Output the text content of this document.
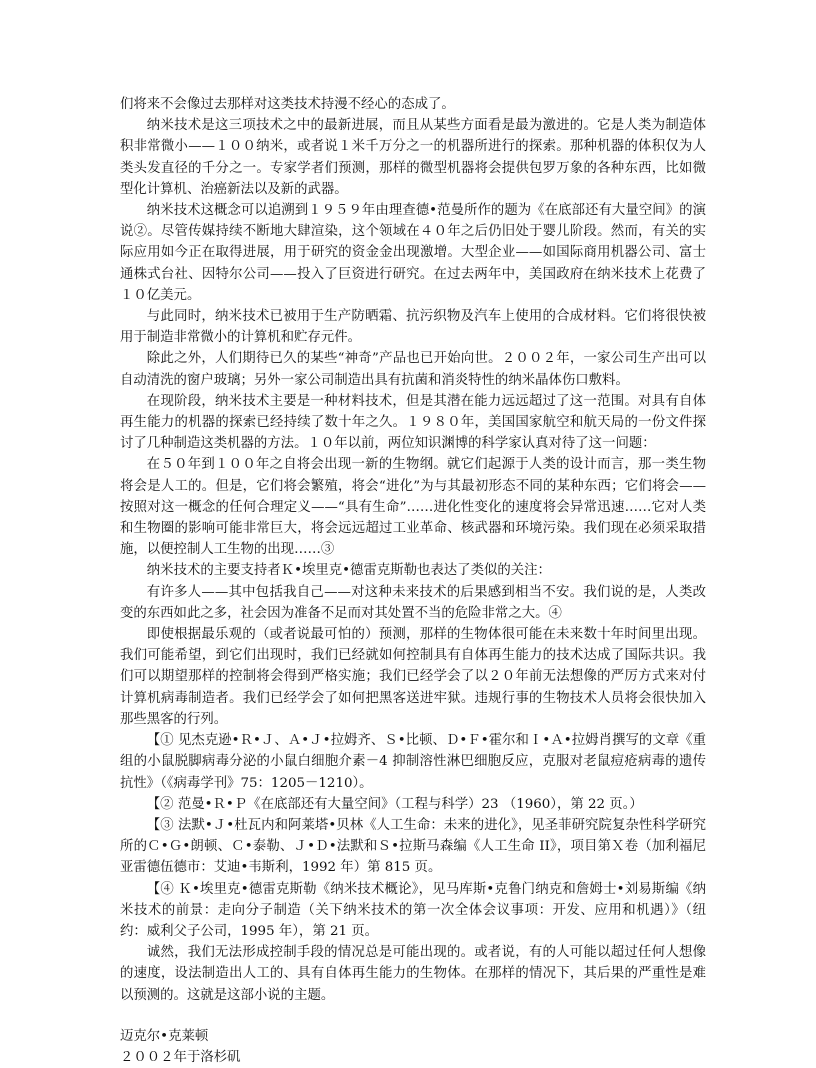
们将来不会像过去那样对这类技术持漫不经心的态成了。

纳米技术是这三项技术之中的最新进展，而且从某些方面看是最为激进的。它是人类为制造体积非常微小——１００纳米，或者说１米千万分之一的机器所进行的探索。那种机器的体积仅为人类头发直径的千分之一。专家学者们预测，那样的微型机器将会提供包罗万象的各种东西，比如微型化计算机、治癌新法以及新的武器。

纳米技术这概念可以追溯到１９５９年由理查德•范曼所作的题为《在底部还有大量空间》的演说②。尽管传媒持续不断地大肆渲染，这个领域在４０年之后仍旧处于婴儿阶段。然而，有关的实际应用如今正在取得进展，用于研究的资金金出现激增。大型企业——如国际商用机器公司、富士通株式台社、因特尔公司——投入了巨资进行研究。在过去两年中，美国政府在纳米技术上花费了１０亿美元。

与此同时，纳米技术已被用于生产防晒霜、抗污织物及汽车上使用的合成材料。它们将很快被用于制造非常微小的计算机和贮存元件。

除此之外，人们期待已久的某些“神奇”产品也已开始向世。２００２年，一家公司生产出可以自动清洗的窗户玻璃；另外一家公司制造出具有抗菌和消炎特性的纳米晶体伤口敷料。

在现阶段，纳米技术主要是一种材料技术，但是其潜在能力远远超过了这一范围。对具有自体再生能力的机器的探索已经持续了数十年之久。１９８０年，美国国家航空和航天局的一份文件探讨了几种制造这类机器的方法。１０年以前，两位知识渊博的科学家认真对待了这一问题：

在５０年到１００年之自将会出现一新的生物纲。就它们起源于人类的设计而言，那一类生物将会是人工的。但是，它们将会繁殖，将会“进化”为与其最初形态不同的某种东西；它们将会——按照对这一概念的任何合理定义——“具有生命”……进化性变化的速度将会异常迅速……它对人类和生物圈的影响可能非常巨大，将会远远超过工业革命、核武器和环境污染。我们现在必须采取措施，以便控制人工生物的出现……③

纳米技术的主要支持者Ｋ•埃里克•德雷克斯勒也表达了类似的关注：

有许多人——其中包括我自己——对这种未来技术的后果感到相当不安。我们说的是，人类改变的东西如此之多，社会因为准备不足而对其处置不当的危险非常之大。④

即使根据最乐观的（或者说最可怕的）预测，那样的生物体很可能在未来数十年时间里出现。我们可能希望，到它们出现时，我们已经就如何控制具有自体再生能力的技术达成了国际共识。我们可以期望那样的控制将会得到严格实施；我们已经学会了以２０年前无法想像的严厉方式来对付计算机病毒制造者。我们已经学会了如何把黑客送进牢狱。违规行事的生物技术人员将会很快加入那些黑客的行列。

【① 见杰克逊•Ｒ•Ｊ、Ａ•Ｊ•拉姆齐、Ｓ•比顿、Ｄ•Ｆ•霍尔和Ｉ•Ａ•拉姆肖撰写的文章《重组的小鼠脱脚病毒分泌的小鼠白细胞介素－4 抑制溶性淋巴细胞反应，克服对老鼠痘疮病毒的遗传抗性》（《病毒学刊》75：1205－1210）。

【② 范曼•Ｒ•Ｐ《在底部还有大量空间》（工程与科学）23 （1960），第 22 页。）

【③ 法默•Ｊ•杜瓦内和阿莱塔•贝林《人工生命：未来的进化》，见圣菲研究院复杂性科学研究所的Ｃ•Ｇ•朗顿、Ｃ•泰勒、Ｊ•Ｄ•法默和Ｓ•拉斯马森编《人工生命 II》，项目第Ｘ卷（加利福尼亚雷德伍德市：艾迪•韦斯利，1992 年）第 815 页。

【④ Ｋ•埃里克•德雷克斯勒《纳米技术概论》，见马库斯•克鲁门纳克和詹姆士•刘易斯编《纳米技术的前景：走向分子制造（关下纳米技术的第一次全体会议事项：开发、应用和机遇）》（纽约：威利父子公司，1995 年），第 21 页。

诚然，我们无法形成控制手段的情况总是可能出现的。或者说，有的人可能以超过任何人想像的速度，设法制造出人工的、具有自体再生能力的生物体。在那样的情况下，其后果的严重性是难以预测的。这就是这部小说的主题。

迈克尔•克莱顿

２００２年于洛杉矶
